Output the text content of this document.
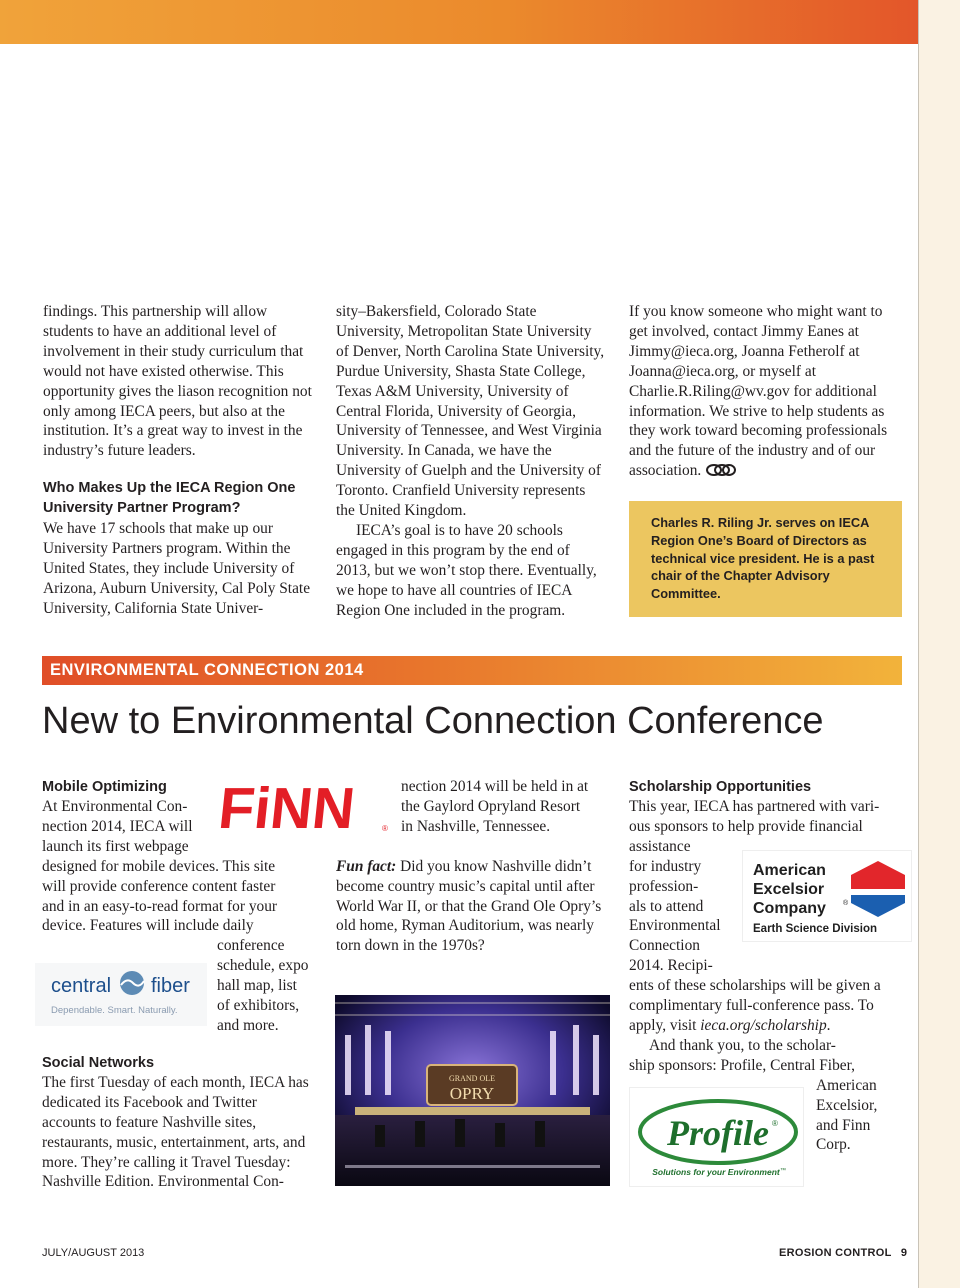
findings. This partnership will allow students to have an additional level of involvement in their study curriculum that would not have existed otherwise. This opportunity gives the liason recognition not only among IECA peers, but also at the institution. It’s a great way to invest in the industry’s future leaders.

Who Makes Up the IECA Region One University Partner Program?

We have 17 schools that make up our University Partners program. Within the United States, they include University of Arizona, Auburn University, Cal Poly State University, California State Univer-

sity–Bakersfield, Colorado State University, Metropolitan State University of Denver, North Carolina State University, Purdue University, Shasta State College, Texas A&M University, University of Central Florida, University of Georgia, University of Tennessee, and West Virginia University. In Canada, we have the University of Guelph and the University of Toronto. Cranfield University represents the United Kingdom.

IECA’s goal is to have 20 schools engaged in this program by the end of 2013, but we won’t stop there. Eventually, we hope to have all countries of IECA Region One included in the program.

If you know someone who might want to get involved, contact Jimmy Eanes at Jimmy@ieca.org, Joanna Fetherolf at Joanna@ieca.org, or myself at Charlie.R.Riling@wv.gov for additional information. We strive to help students as they work toward becoming professionals and the future of the industry and of our association.

Charles R. Riling Jr. serves on IECA Region One’s Board of Directors as technical vice president. He is a past chair of the Chapter Advisory Committee.
ENVIRONMENTAL CONNECTION 2014
New to Environmental Connection Conference
Mobile Optimizing
At Environmental Con-
nection 2014, IECA will
launch its first webpage
designed for mobile devices. This site
will provide conference content faster
and in an easy-to-read format for your
device. Features will include daily
conference
schedule, expo
hall map, list
of exhibitors,
and more.
Social Networks

The first Tuesday of each month, IECA has dedicated its Facebook and Twitter accounts to feature Nashville sites, restaurants, music, entertainment, arts, and more. They’re calling it Travel Tuesday: Nashville Edition. Environmental Con-

FiNN	®
central fiber
Dependable. Smart. Naturally.
nection 2014 will be held in at
the Gaylord Opryland Resort
in Nashville, Tennessee.

Fun fact: Did you know Nashville didn’t become country music’s capital until after World War II, or that the Grand Ole Opry’s old home, Ryman Auditorium, was nearly torn down in the 1970s?

GRAND OLE
OPRY
Scholarship Opportunities
This year, IECA has partnered with vari-
ous sponsors to help provide financial
assistance
for industry
profession-
als to attend
Environmental
Connection
2014. Recipi-
ents of these scholarships will be given a
complimentary full-conference pass. To
apply, visit ieca.org/scholarship.
And thank you, to the scholar-
ship sponsors: Profile, Central Fiber,
American
Excelsior,
and Finn
Corp.
American
Excelsior
Company ®
Earth Science Division
Profile ®
Solutions for your Environment ™
JULY/AUGUST 2013	EROSION CONTROL 9
